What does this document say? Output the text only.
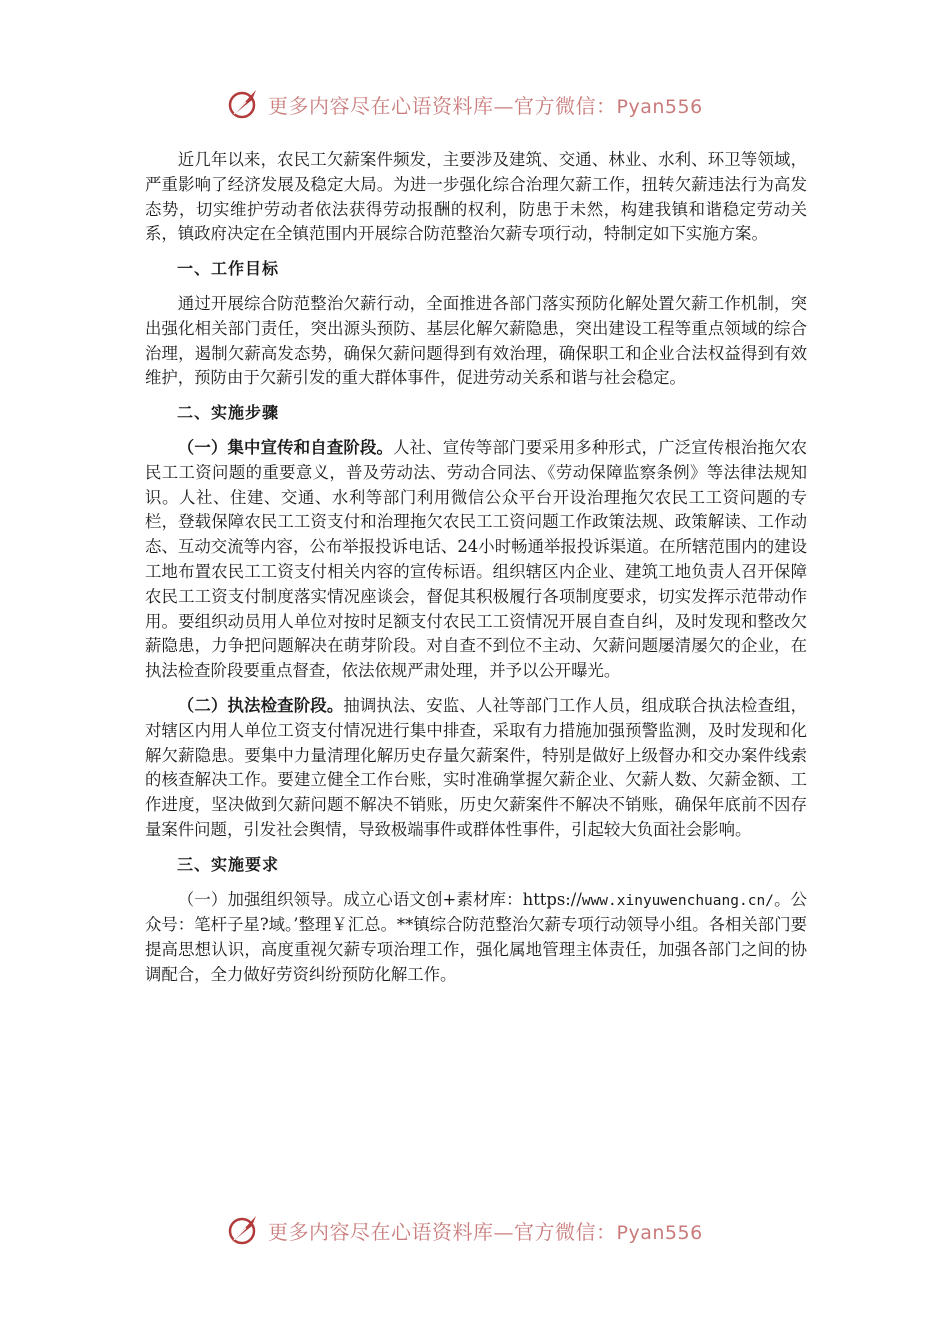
更多内容尽在心语资料库—官方微信：Pyan556

近几年以来，农民工欠薪案件频发，主要涉及建筑、交通、林业、水利、环卫等领域，严重影响了经济发展及稳定大局。为进一步强化综合治理欠薪工作，扭转欠薪违法行为高发态势，切实维护劳动者依法获得劳动报酬的权利，防患于未然，构建我镇和谐稳定劳动关系，镇政府决定在全镇范围内开展综合防范整治欠薪专项行动，特制定如下实施方案。

一、工作目标

通过开展综合防范整治欠薪行动，全面推进各部门落实预防化解处置欠薪工作机制，突出强化相关部门责任，突出源头预防、基层化解欠薪隐患，突出建设工程等重点领域的综合治理，遏制欠薪高发态势，确保欠薪问题得到有效治理，确保职工和企业合法权益得到有效维护，预防由于欠薪引发的重大群体事件，促进劳动关系和谐与社会稳定。

二、实施步骤

（一）集中宣传和自查阶段。人社、宣传等部门要采用多种形式，广泛宣传根治拖欠农民工工资问题的重要意义，普及劳动法、劳动合同法、《劳动保障监察条例》等法律法规知识。人社、住建、交通、水利等部门利用微信公众平台开设治理拖欠农民工工资问题的专栏，登载保障农民工工资支付和治理拖欠农民工工资问题工作政策法规、政策解读、工作动态、互动交流等内容，公布举报投诉电话、24小时畅通举报投诉渠道。在所辖范围内的建设工地布置农民工工资支付相关内容的宣传标语。组织辖区内企业、建筑工地负责人召开保障农民工工资支付制度落实情况座谈会，督促其积极履行各项制度要求，切实发挥示范带动作用。要组织动员用人单位对按时足额支付农民工工资情况开展自查自纠，及时发现和整改欠薪隐患，力争把问题解决在萌芽阶段。对自查不到位不主动、欠薪问题屡清屡欠的企业，在执法检查阶段要重点督查，依法依规严肃处理，并予以公开曝光。

（二）执法检查阶段。抽调执法、安监、人社等部门工作人员，组成联合执法检查组，对辖区内用人单位工资支付情况进行集中排查，采取有力措施加强预警监测，及时发现和化解欠薪隐患。要集中力量清理化解历史存量欠薪案件，特别是做好上级督办和交办案件线索的核查解决工作。要建立健全工作台账，实时准确掌握欠薪企业、欠薪人数、欠薪金额、工作进度，坚决做到欠薪问题不解决不销账，历史欠薪案件不解决不销账，确保年底前不因存量案件问题，引发社会舆情，导致极端事件或群体性事件，引起较大负面社会影响。

三、实施要求

（一）加强组织领导。成立心语文创+素材库：https://www.xinyuwenchuang.cn/。公众号：笔杆子星?域。’整理￥汇总。**镇综合防范整治欠薪专项行动领导小组。各相关部门要提高思想认识，高度重视欠薪专项治理工作，强化属地管理主体责任，加强各部门之间的协调配合，全力做好劳资纠纷预防化解工作。

更多内容尽在心语资料库—官方微信：Pyan556
